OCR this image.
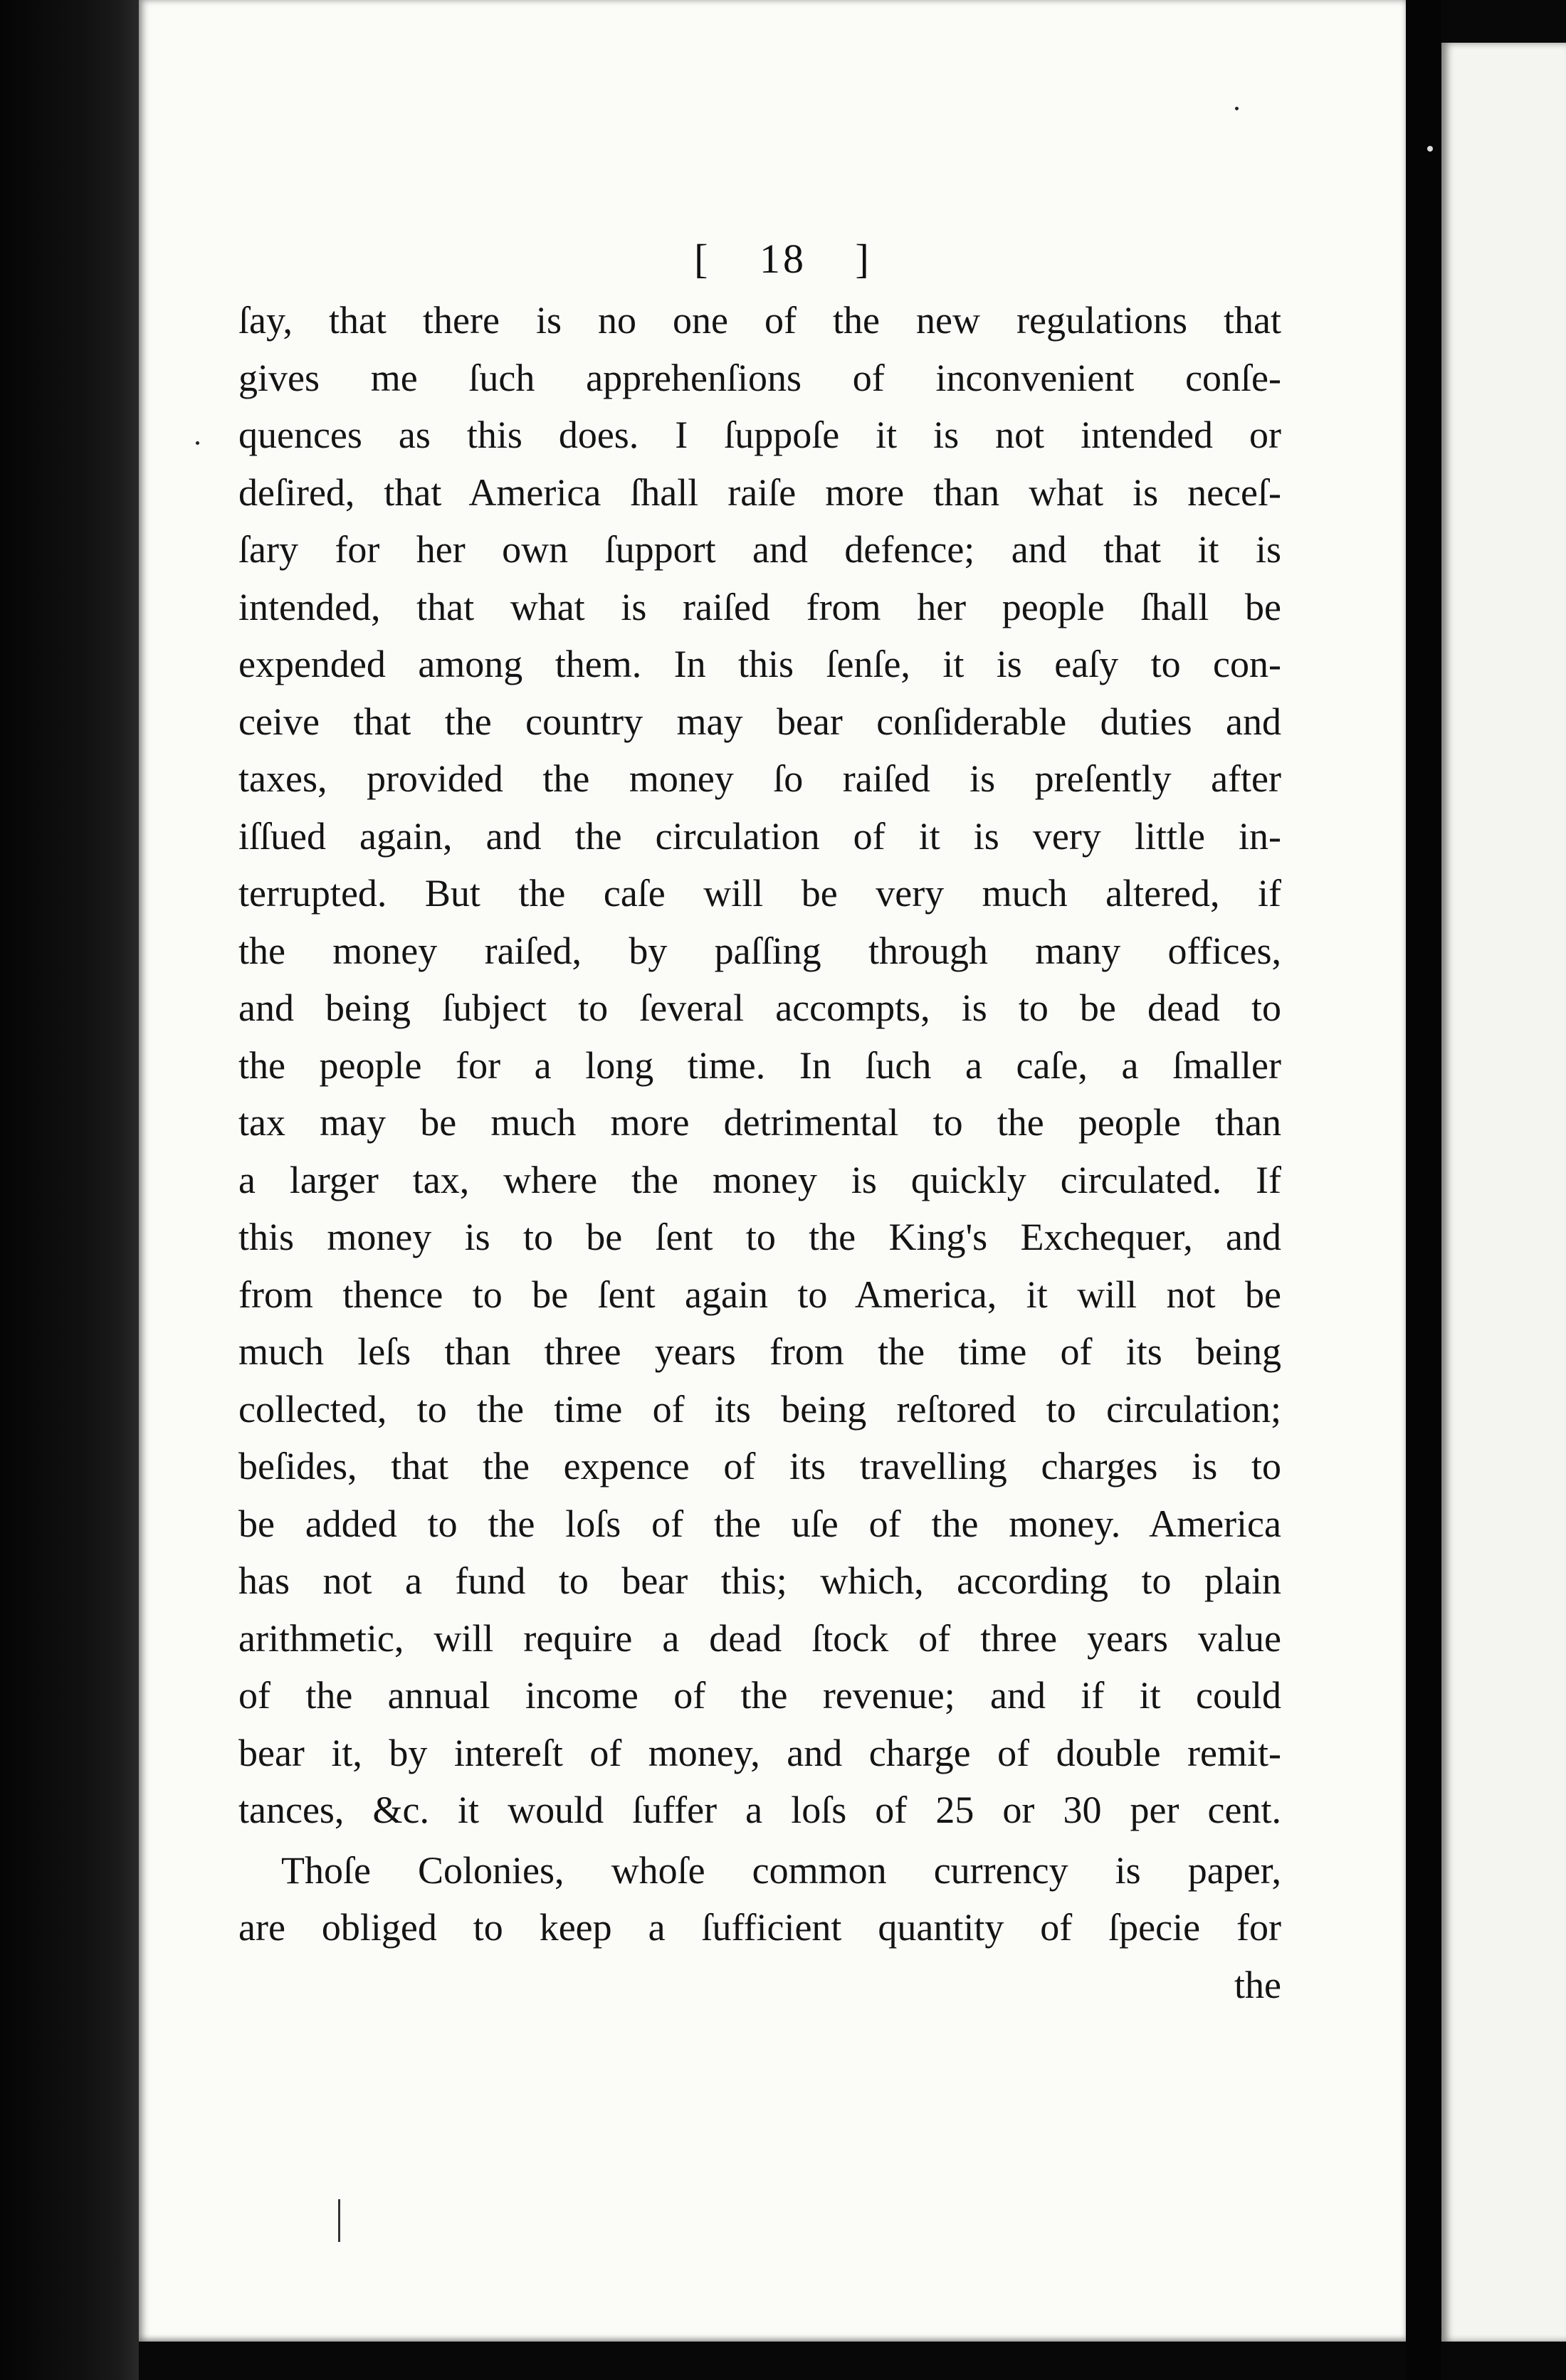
[ 18 ]
ſay, that there is no one of the new regulations that
gives me ſuch apprehenſions of inconvenient conſe-
quences as this does. I ſuppoſe it is not intended or
deſired, that America ſhall raiſe more than what is neceſ-
ſary for her own ſupport and defence; and that it is
intended, that what is raiſed from her people ſhall be
expended among them. In this ſenſe, it is eaſy to con-
ceive that the country may bear conſiderable duties and
taxes, provided the money ſo raiſed is preſently after
iſſued again, and the circulation of it is very little in-
terrupted. But the caſe will be very much altered, if
the money raiſed, by paſſing through many offices,
and being ſubject to ſeveral accompts, is to be dead to
the people for a long time. In ſuch a caſe, a ſmaller
tax may be much more detrimental to the people than
a larger tax, where the money is quickly circulated. If
this money is to be ſent to the King's Exchequer, and
from thence to be ſent again to America, it will not be
much leſs than three years from the time of its being
collected, to the time of its being reſtored to circulation;
beſides, that the expence of its travelling charges is to
be added to the loſs of the uſe of the money. America
has not a fund to bear this; which, according to plain
arithmetic, will require a dead ſtock of three years value
of the annual income of the revenue; and if it could
bear it, by intereſt of money, and charge of double remit-
tances, &c. it would ſuffer a loſs of 25 or 30 per cent.
Thoſe Colonies, whoſe common currency is paper,
are obliged to keep a ſufficient quantity of ſpecie for
the
